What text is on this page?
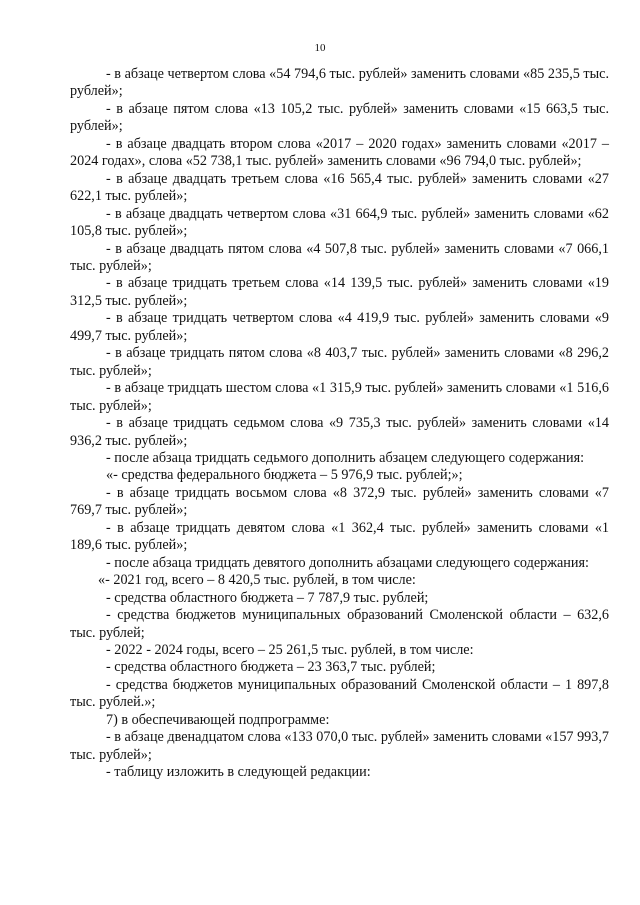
10

- в абзаце четвертом слова «54 794,6 тыс. рублей» заменить словами «85 235,5 тыс. рублей»;

- в абзаце пятом слова «13 105,2 тыс. рублей» заменить словами «15 663,5 тыс. рублей»;

- в абзаце двадцать втором слова «2017 – 2020 годах» заменить словами «2017 – 2024 годах», слова «52 738,1 тыс. рублей» заменить словами «96 794,0 тыс. рублей»;

- в абзаце двадцать третьем слова «16 565,4 тыс. рублей» заменить словами «27 622,1 тыс. рублей»;

- в абзаце двадцать четвертом слова «31 664,9 тыс. рублей» заменить словами «62 105,8 тыс. рублей»;

- в абзаце двадцать пятом слова «4 507,8 тыс. рублей» заменить словами «7 066,1 тыс. рублей»;

- в абзаце тридцать третьем слова «14 139,5 тыс. рублей» заменить словами «19 312,5 тыс. рублей»;

- в абзаце тридцать четвертом слова «4 419,9 тыс. рублей» заменить словами «9 499,7 тыс. рублей»;

- в абзаце тридцать пятом слова «8 403,7 тыс. рублей» заменить словами «8 296,2 тыс. рублей»;

- в абзаце тридцать шестом слова «1 315,9 тыс. рублей» заменить словами «1 516,6 тыс. рублей»;

- в абзаце тридцать седьмом слова «9 735,3 тыс. рублей» заменить словами «14 936,2 тыс. рублей»;

- после абзаца тридцать седьмого дополнить абзацем следующего содержания:

«- средства федерального бюджета – 5 976,9 тыс. рублей;»;

- в абзаце тридцать восьмом слова «8 372,9 тыс. рублей» заменить словами «7 769,7 тыс. рублей»;

- в абзаце тридцать девятом слова «1 362,4 тыс. рублей» заменить словами «1 189,6 тыс. рублей»;

- после абзаца тридцать девятого дополнить абзацами следующего содержания:

«- 2021 год, всего – 8 420,5 тыс. рублей, в том числе:

- средства областного бюджета – 7 787,9 тыс. рублей;

- средства бюджетов муниципальных образований Смоленской области – 632,6 тыс. рублей;

- 2022 - 2024 годы, всего – 25 261,5 тыс. рублей, в том числе:

- средства областного бюджета – 23 363,7 тыс. рублей;

- средства бюджетов муниципальных образований Смоленской области – 1 897,8 тыс. рублей.»;

7) в обеспечивающей подпрограмме:

- в абзаце двенадцатом слова «133 070,0 тыс. рублей» заменить словами «157 993,7 тыс. рублей»;

- таблицу изложить в следующей редакции:
